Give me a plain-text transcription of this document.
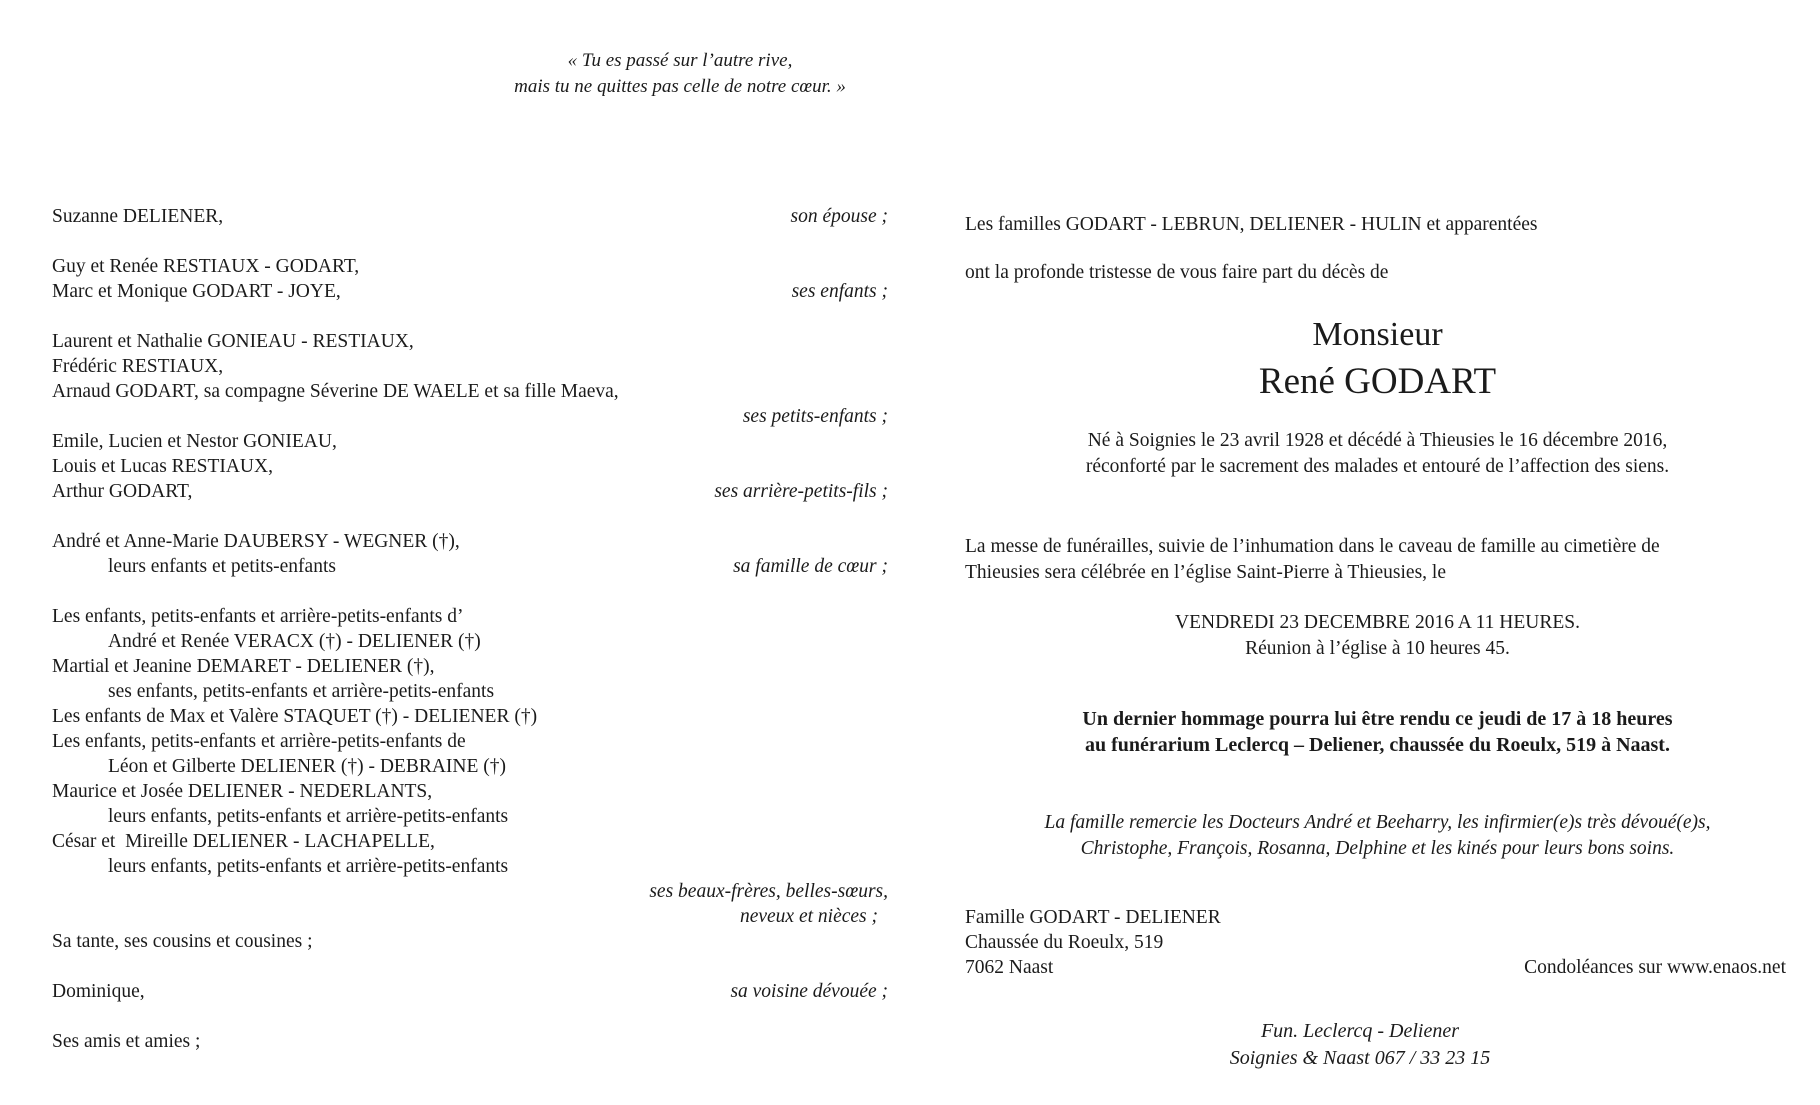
« Tu es passé sur l’autre rive,
mais tu ne quittes pas celle de notre cœur. »
Suzanne DELIENER,	son épouse ;
Guy et Renée RESTIAUX - GODART,
Marc et Monique GODART - JOYE,	ses enfants ;
Laurent et Nathalie GONIEAU - RESTIAUX,
Frédéric RESTIAUX,
Arnaud GODART, sa compagne Séverine DE WAELE et sa fille Maeva,
ses petits-enfants ;
Emile, Lucien et Nestor GONIEAU,
Louis et Lucas RESTIAUX,
Arthur GODART,	ses arrière-petits-fils ;
André et Anne-Marie DAUBERSY - WEGNER (†),
leurs enfants et petits-enfants	sa famille de cœur ;
Les enfants, petits-enfants et arrière-petits-enfants d’
André et Renée VERACX (†) - DELIENER (†)
Martial et Jeanine DEMARET - DELIENER (†),
ses enfants, petits-enfants et arrière-petits-enfants
Les enfants de Max et Valère STAQUET (†) - DELIENER (†)
Les enfants, petits-enfants et arrière-petits-enfants de
Léon et Gilberte DELIENER (†) - DEBRAINE (†)
Maurice et Josée DELIENER - NEDERLANTS,
leurs enfants, petits-enfants et arrière-petits-enfants
César et  Mireille DELIENER - LACHAPELLE,
leurs enfants, petits-enfants et arrière-petits-enfants
ses beaux-frères, belles-sœurs,
neveux et nièces ;
Sa tante, ses cousins et cousines ;
Dominique,	sa voisine dévouée ;
Ses amis et amies ;
Les familles GODART - LEBRUN, DELIENER - HULIN et apparentées
ont la profonde tristesse de vous faire part du décès de
Monsieur
René GODART
Né à Soignies le 23 avril 1928 et décédé à Thieusies le 16 décembre 2016,
réconforté par le sacrement des malades et entouré de l’affection des siens.
La messe de funérailles, suivie de l’inhumation dans le caveau de famille au cimetière de
Thieusies sera célébrée en l’église Saint-Pierre à Thieusies, le
VENDREDI 23 DECEMBRE 2016 A 11 HEURES.
Réunion à l’église à 10 heures 45.
Un dernier hommage pourra lui être rendu ce jeudi de 17 à 18 heures
au funérarium Leclercq – Deliener, chaussée du Roeulx, 519 à Naast.
La famille remercie les Docteurs André et Beeharry, les infirmier(e)s très dévoué(e)s,
Christophe, François, Rosanna, Delphine et les kinés pour leurs bons soins.
Famille GODART - DELIENER
Chaussée du Roeulx, 519
7062 Naast	Condoléances sur www.enaos.net
Fun. Leclercq - Deliener
Soignies & Naast 067 / 33 23 15
